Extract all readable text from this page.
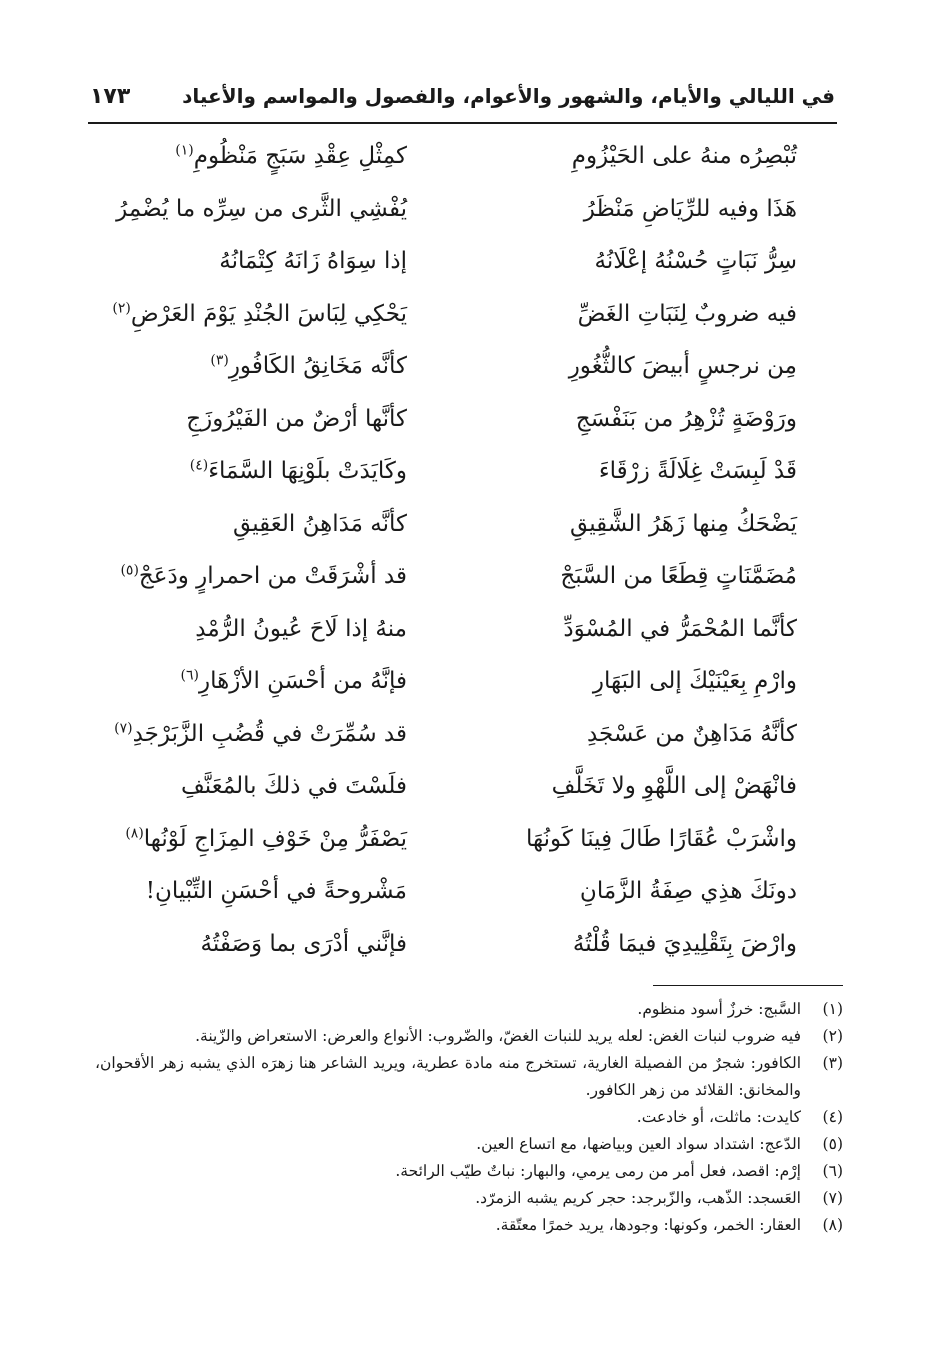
في الليالي والأيام، والشهور والأعوام، والفصول والمواسم والأعياد
١٧٣
تُبْصِرُه منهُ على الحَيْزُومِ
كمِثْلِ عِقْدِ سَبَجٍ مَنْظُومِ$^{(١)}$
هَذَا وفيه للرِّيَاضِ مَنْظَرُ
يُفْشِي الثَّرى من سِرِّه ما يُضْمِرُ
سِرُّ نَبَاتٍ حُسْنُهُ إعْلَانُهُ
إذا سِوَاهُ زَانَهُ كِتْمَانُهُ
فيه ضروبٌ لِنَبَاتِ الغَضِّ
يَحْكِي لِبَاسَ الجُنْدِ يَوْمَ العَرْضِ$^{(٢)}$
مِن نرجسٍ أبيضَ كالثُّغُورِ
كأنَّه مَخَانِقُ الكَافُورِ$^{(٣)}$
ورَوْضَةٍ تُزْهِرُ من بَنَفْسَجِ
كأنَّها أرْضٌ من الفَيْرُوزَجِ
قَدْ لَبِسَتْ غِلَالَةً زرْقَاءَ
وكَايَدَتْ بلَوْنِهَا السَّمَاءَ$^{(٤)}$
يَضْحَكُ مِنها زَهَرُ الشَّقِيقِ
كأنَّه مَدَاهِنُ العَقِيقِ
مُضَمَّنَاتٍ قِطَعًا من السَّبَجْ
قد أشْرَقَتْ من احمرارٍ ودَعَجْ$^{(٥)}$
كأنَّما المُحْمَرُّ في المُسْوَدِّ
منهُ إذا لَاحَ عُيونُ الرُّمْدِ
وارْمِ بِعَيْنَيْكَ إلى البَهَارِ
فإنَّهُ من أحْسَنِ الأزْهَارِ$^{(٦)}$
كأنَّهُ مَدَاهِنٌ من عَسْجَدِ
قد سُمِّرَتْ في قُضُبِ الزَّبَرْجَدِ$^{(٧)}$
فانْهَضْ إلى اللَّهْوِ ولا تَخَلَّفِ
فلَسْتَ في ذلكَ بالمُعَنَّفِ
واشْرَبْ عُقَارًا طَالَ فِينَا كَونُهَا
يَصْفَرُّ مِنْ خَوْفِ المِزَاجِ لَوْنُها$^{(٨)}$
دونَكَ هذِي صِفَةُ الزَّمَانِ
مَشْروحةً في أحْسَنِ التِّبْيانِ!
وارْضَ بِتَقْلِيدِيَ فيمَا قُلْتُهُ
فإنَّني أدْرَى بما وَصَفْتُهُ
(١)
السَّبج: خرزٌ أسود منظوم.
(٢)
فيه ضروب لنبات الغض: لعله يريد للنبات الغضّ، والضّروب: الأنواع والعرض: الاستعراض والزّينة.
(٣)
الكافور: شجرٌ من الفصيلة الغارية، تستخرج منه مادة عطرية، ويريد الشاعر هنا زهرَه الذي يشبه زهر الأقحوان، والمخانق: القلائد من زهر الكافور.
(٤)
كايدت: ماثلت، أو خادعت.
(٥)
الدّعج: اشتداد سواد العين وبياضها، مع اتساع العين.
(٦)
إرْم: اقصد، فعل أمر من رمى يرمي، والبهار: نباتٌ طيّب الرائحة.
(٧)
العَسجد: الذّهب، والزّبرجد: حجر كريم يشبه الزمرّد.
(٨)
العقار: الخمر، وكونها: وجودها، يريد خمرًا معتّقة.
